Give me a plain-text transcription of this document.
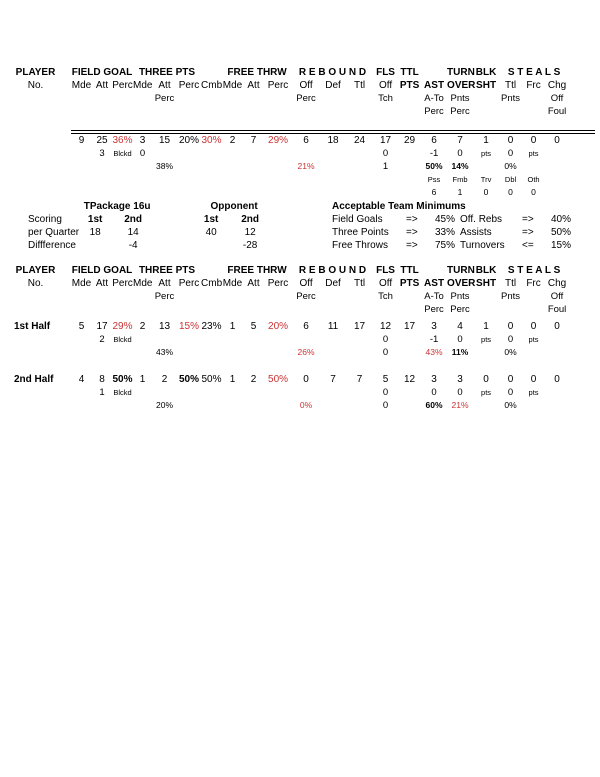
PLAYER	FIELD GOAL			THREE PTS				FREE THRW			R E B O U N D			FLS	TTL		TURN	BLK	S T E A L S			
No.	Mde	Att	Perc	Mde	Att	Perc	Cmb	Mde	Att	Perc	Off	Def	Ttl	Off	PTS	AST	OVER	SHT	Ttl	Frc	Chg	
					Perc						Perc			Tch		A-To	Pnts		Pnts		Off	
																Perc	Perc				Foul	

	9	25	36%	3	15	20%	30%	2	7	29%	6	18	24	17	29	6	7	1	0	0	0	
		3	Blckd	0										0		-1	0	pts	0	pts		
					38%						21%			1		50%	14%		0%			
																Pss	Fmb	Trv	Dbl	Oth		
																6	1	0	0	0		
	TPackage 16u			Opponent	
Scoring	1st	2nd		1st	2nd
per Quarter	18	14		40	12
Diffference		-4			-28
Acceptable Team Minimums					
Field Goals	=>	45%	Off. Rebs	=>	40%
Three Points	=>	33%	Assists	=>	50%
Free Throws	=>	75%	Turnovers	<=	15%
PLAYER	FIELD GOAL			THREE PTS				FREE THRW			R E B O U N D			FLS	TTL		TURN	BLK	S T E A L S			
No.	Mde	Att	Perc	Mde	Att	Perc	Cmb	Mde	Att	Perc	Off	Def	Ttl	Off	PTS	AST	OVER	SHT	Ttl	Frc	Chg	
					Perc						Perc			Tch		A-To	Pnts		Pnts		Off	
																Perc	Perc				Foul	

1st Half	5	17	29%	2	13	15%	23%	1	5	20%	6	11	17	12	17	3	4	1	0	0	0	
		2	Blckd											0		-1	0	pts	0	pts		
					43%						26%			0		43%	11%		0%			

2nd Half	4	8	50%	1	2	50%	50%	1	2	50%	0	7	7	5	12	3	3	0	0	0	0	
		1	Blckd											0		0	0	pts	0	pts		
					20%						0%			0		60%	21%		0%			
